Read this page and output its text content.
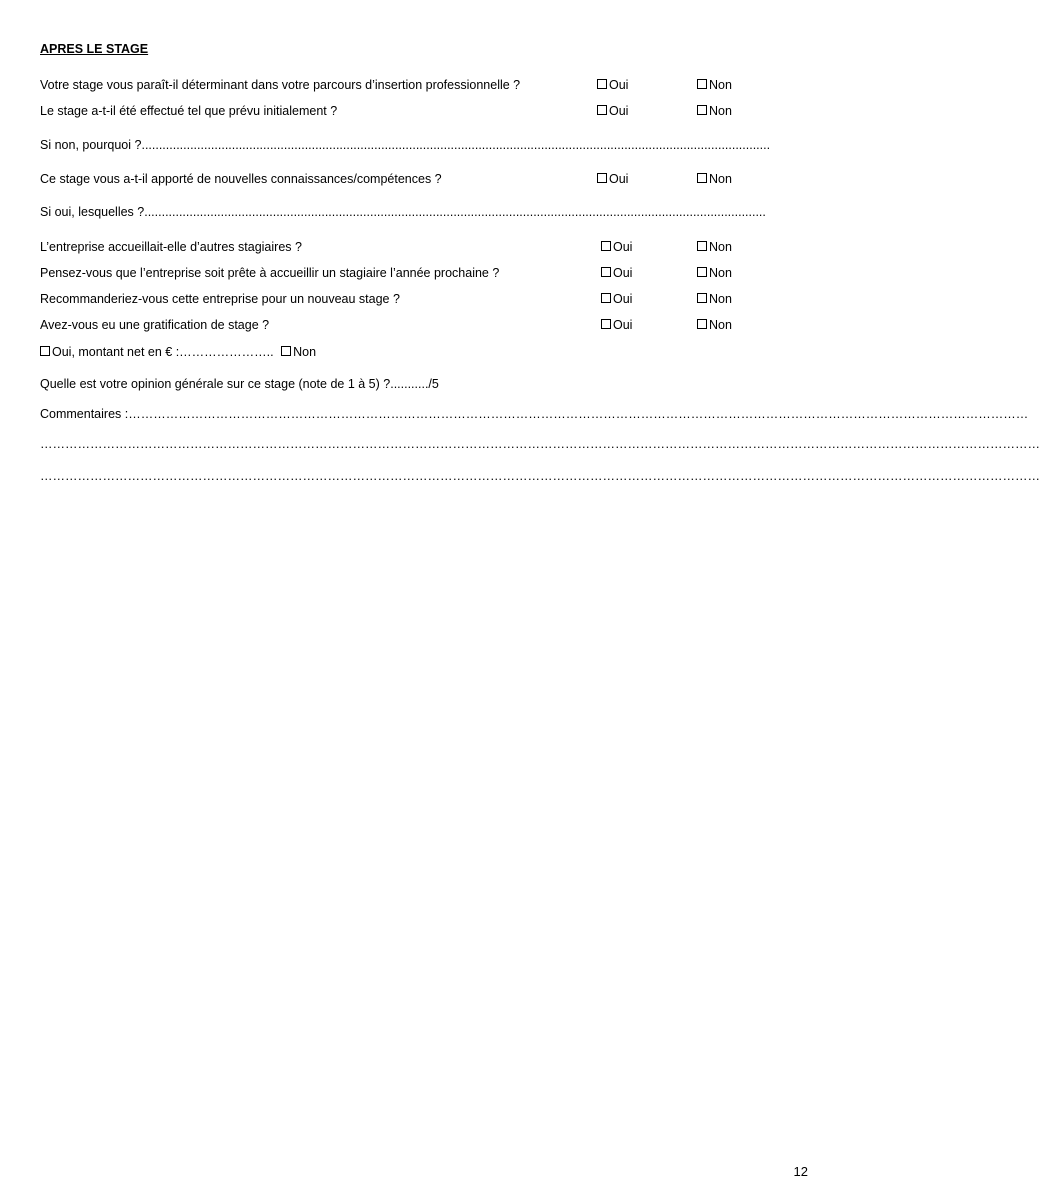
APRES LE STAGE
Votre stage vous paraît-il déterminant dans votre parcours d’insertion professionnelle ?	Oui	Non
Le stage a-t-il été effectué tel que prévu initialement ?	Oui	Non
Si non, pourquoi ?.....................................................................................................................................................................................
Ce stage vous a-t-il apporté de nouvelles connaissances/compétences ?	Oui	Non
Si oui, lesquelles ?...................................................................................................................................................................................
L’entreprise accueillait-elle d’autres stagiaires ?	Oui	Non
Pensez-vous que l’entreprise soit prête à accueillir un stagiaire l’année prochaine ?	Oui	Non
Recommanderiez-vous cette entreprise pour un nouveau stage ?	Oui	Non
Avez-vous eu une gratification de stage ?	Oui	Non
Oui, montant net en € :………………….. Non
Quelle est votre opinion générale sur ce stage (note de 1 à 5) ?.........../5
Commentaires :………………………………………………………………………………………………………………………………………………………………………………………………
……………………………………………………………………………………………………………………………………………………………………………………………………………………
……………………………………………………………………………………………………………………………………………………………………………………………………………………
12
